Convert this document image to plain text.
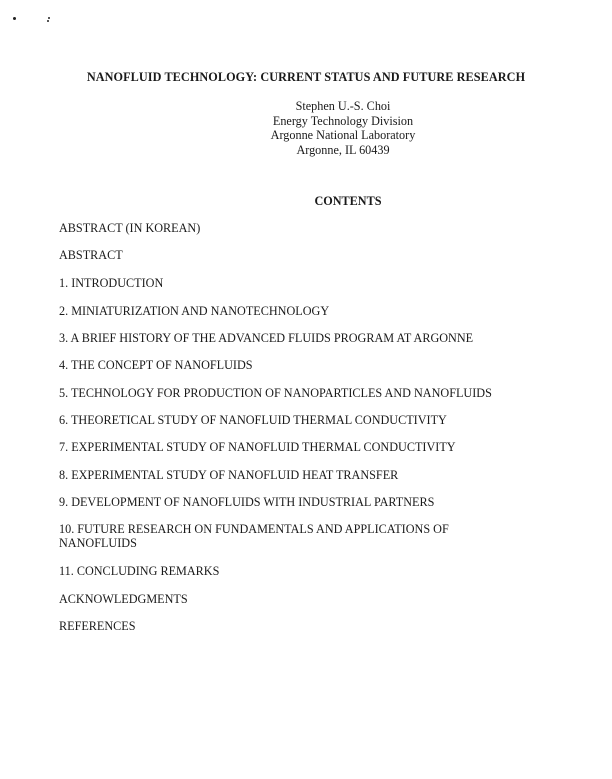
NANOFLUID TECHNOLOGY: CURRENT STATUS AND FUTURE RESEARCH
Stephen U.-S. Choi
Energy Technology Division
Argonne National Laboratory
Argonne, IL 60439
CONTENTS
ABSTRACT (IN KOREAN)
ABSTRACT
1. INTRODUCTION
2. MINIATURIZATION AND NANOTECHNOLOGY
3. A BRIEF HISTORY OF THE ADVANCED FLUIDS PROGRAM AT ARGONNE
4. THE CONCEPT OF NANOFLUIDS
5. TECHNOLOGY FOR PRODUCTION OF NANOPARTICLES AND NANOFLUIDS
6. THEORETICAL STUDY OF NANOFLUID THERMAL CONDUCTIVITY
7. EXPERIMENTAL STUDY OF NANOFLUID THERMAL CONDUCTIVITY
8. EXPERIMENTAL STUDY OF NANOFLUID HEAT TRANSFER
9. DEVELOPMENT OF NANOFLUIDS WITH INDUSTRIAL PARTNERS
10. FUTURE RESEARCH ON FUNDAMENTALS AND APPLICATIONS OF NANOFLUIDS
11. CONCLUDING REMARKS
ACKNOWLEDGMENTS
REFERENCES
